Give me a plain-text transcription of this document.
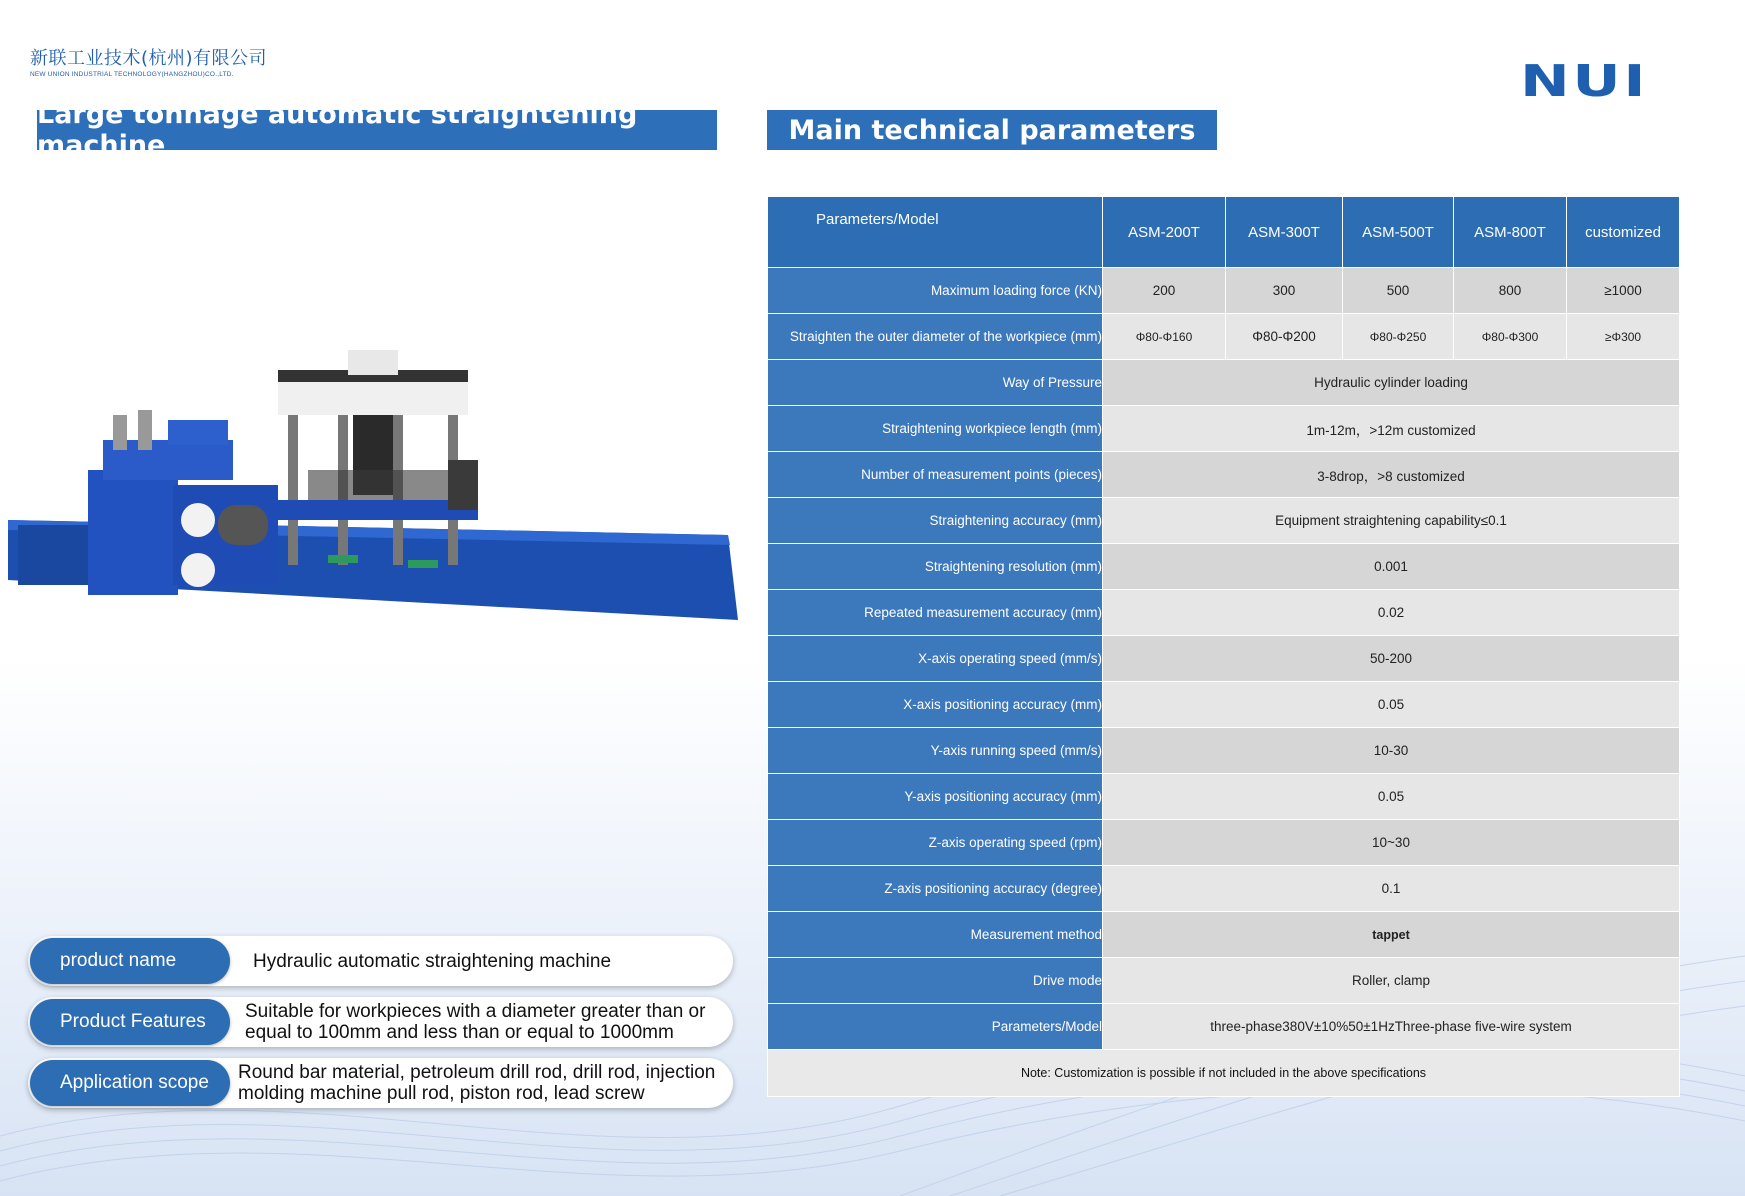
新联工业技术(杭州)有限公司
NEW UNION INDUSTRIAL TECHNOLOGY(HANGZHOU)CO.,LTD.	NUI
Large tonnage automatic straightening machine	Main technical parameters
product name	Hydraulic automatic straightening machine
Product Features	Suitable for workpieces with a diameter greater than or equal to 100mm and less than or equal to 1000mm
Application scope Round bar material, petroleum drill rod, drill rod, injection molding machine pull rod, piston rod, lead screw
Parameters/Model	ASM-200T	ASM-300T	ASM-500T	ASM-800T	customized
Maximum loading force (KN)	200	300	500	800	≥1000
Straighten the outer diameter of the workpiece (mm)	Φ80-Φ160	Φ80-Φ200	Φ80-Φ250	Φ80-Φ300	≥Φ300
Way of Pressure	Hydraulic cylinder loading				
Straightening workpiece length (mm)	1m-12m，>12m customized				
Number of measurement points (pieces)	3-8drop，>8 customized				
Straightening accuracy (mm)	Equipment straightening capability≤0.1				
Straightening resolution (mm)	0.001				
Repeated measurement accuracy (mm)	0.02				
X-axis operating speed (mm/s)	50-200				
X-axis positioning accuracy (mm)	0.05				
Y-axis running speed (mm/s)	10-30				
Y-axis positioning accuracy (mm)	0.05				
Z-axis operating speed (rpm)	10~30				
Z-axis positioning accuracy (degree)	0.1				
Measurement method	tappet				
Drive mode	Roller, clamp				
Parameters/Model	three-phase380V±10%50±1HzThree-phase five-wire system				
Note: Customization is possible if not included in the above specifications					
